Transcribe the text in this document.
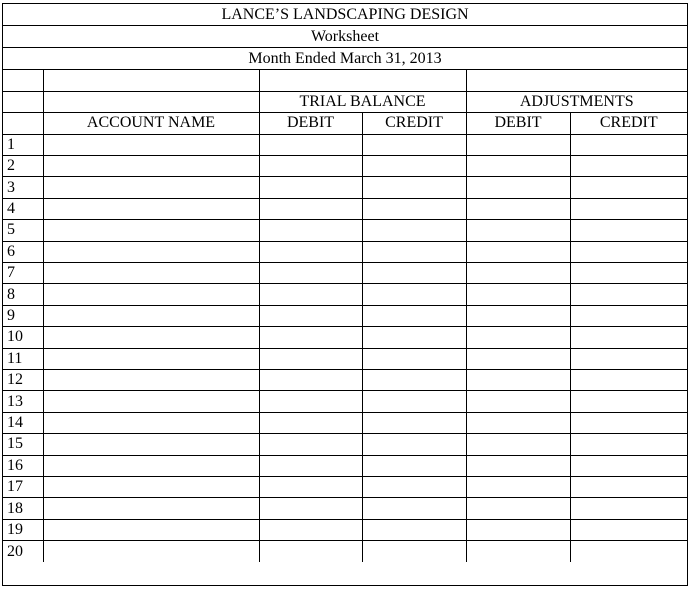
LANCE’S LANDSCAPING DESIGN
Worksheet
Month Ended March 31, 2013

		TRIAL BALANCE		ADJUSTMENTS	
	ACCOUNT NAME	DEBIT	CREDIT	DEBIT	CREDIT
1					
2					
3					
4					
5					
6					
7					
8					
9					
10					
11					
12					
13					
14					
15					
16					
17					
18					
19					
20					
